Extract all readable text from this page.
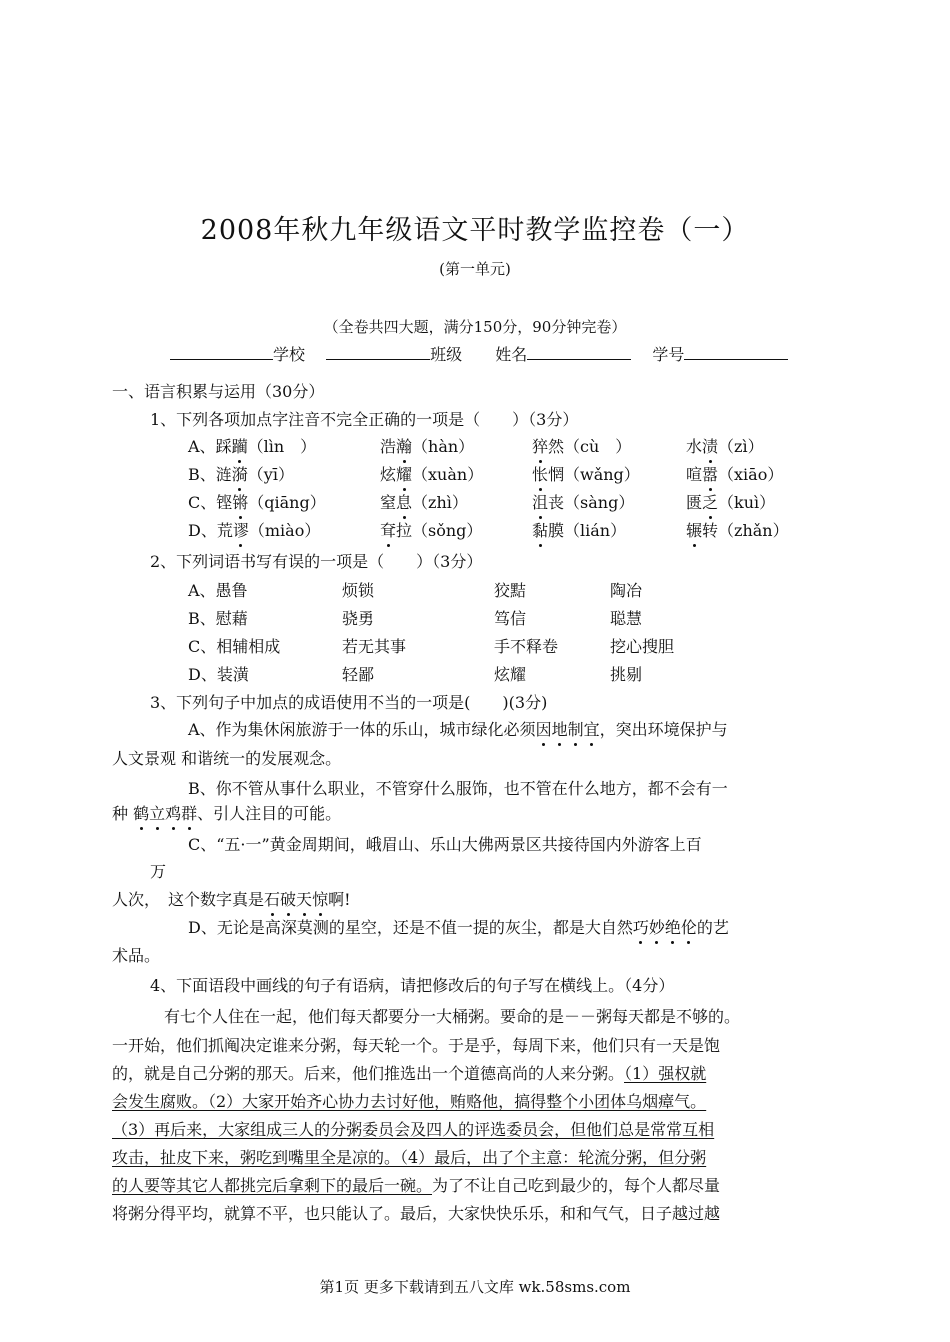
2008年秋九年级语文平时教学监控卷（一）
(第一单元)
（全卷共四大题，满分150分，90分钟完卷）
学校	班级 姓名	学号
一、语言积累与运用（30分）
1、下列各项加点字注音不完全正确的一项是（　　）（3分）
A、踩躏（lìn　）	浩瀚（hàn）	猝然（cù　）	水渍（zì）
B、涟漪（yī）	炫耀（xuàn）	怅惘（wǎng）	喧嚣（xiāo）
C、铿锵（qiāng）	窒息（zhì）	沮丧（sàng）	匮乏（kuì）
D、荒谬（miào）	耷拉（sǒng）	黏膜（lián）	辗转（zhǎn）
2、下列词语书写有误的一项是（　　）（3分）
A、愚鲁	烦锁	狡黠	陶冶
B、慰藉	骁勇	笃信	聪慧
C、相辅相成	若无其事	手不释卷	挖心搜胆
D、装潢	轻鄙	炫耀	挑剔
3、下列句子中加点的成语使用不当的一项是(　　)(3分)
A、作为集休闲旅游于一体的乐山，城市绿化必须因地制宜，突出环境保护与
人文景观 和谐统一的发展观念。
B、你不管从事什么职业，不管穿什么服饰，也不管在什么地方，都不会有一
种 鹤立鸡群、引人注目的可能。
C、“五·一”黄金周期间，峨眉山、乐山大佛两景区共接待国内外游客上百
万
人次，　这个数字真是石破天惊啊!
D、无论是高深莫测的星空，还是不值一提的灰尘，都是大自然巧妙绝伦的艺
术品。
4、下面语段中画线的句子有语病，请把修改后的句子写在横线上。（4分）
有七个人住在一起，他们每天都要分一大桶粥。要命的是－－粥每天都是不够的。
一开始，他们抓阄决定谁来分粥，每天轮一个。于是乎，每周下来，他们只有一天是饱
的，就是自己分粥的那天。后来，他们推选出一个道德高尚的人来分粥。（1）强权就
会发生腐败。（2）大家开始齐心协力去讨好他，贿赂他，搞得整个小团体乌烟瘴气。
（3）再后来，大家组成三人的分粥委员会及四人的评选委员会，但他们总是常常互相
攻击，扯皮下来，粥吃到嘴里全是凉的。（4）最后，出了个主意：轮流分粥，但分粥
的人要等其它人都挑完后拿剩下的最后一碗。为了不让自己吃到最少的，每个人都尽量
将粥分得平均，就算不平，也只能认了。最后，大家快快乐乐，和和气气，日子越过越
第1页 更多下载请到五八文库 wk.58sms.com
